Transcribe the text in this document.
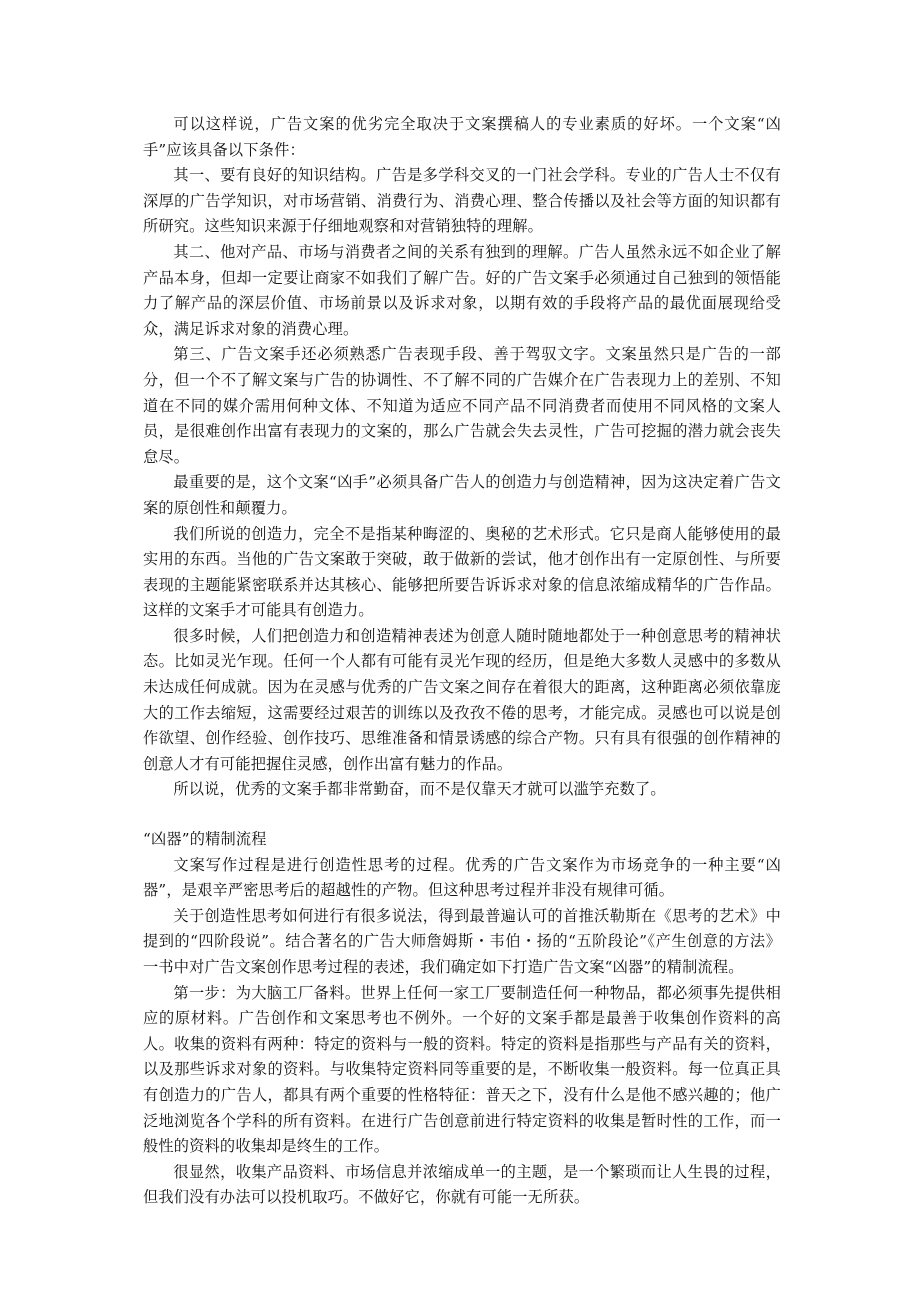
可以这样说，广告文案的优劣完全取决于文案撰稿人的专业素质的好坏。一个文案“凶手”应该具备以下条件：

其一、要有良好的知识结构。广告是多学科交叉的一门社会学科。专业的广告人士不仅有深厚的广告学知识，对市场营销、消费行为、消费心理、整合传播以及社会等方面的知识都有所研究。这些知识来源于仔细地观察和对营销独特的理解。

其二、他对产品、市场与消费者之间的关系有独到的理解。广告人虽然永远不如企业了解产品本身，但却一定要让商家不如我们了解广告。好的广告文案手必须通过自己独到的领悟能力了解产品的深层价值、市场前景以及诉求对象，以期有效的手段将产品的最优面展现给受众，满足诉求对象的消费心理。

第三、广告文案手还必须熟悉广告表现手段、善于驾驭文字。文案虽然只是广告的一部分，但一个不了解文案与广告的协调性、不了解不同的广告媒介在广告表现力上的差别、不知道在不同的媒介需用何种文体、不知道为适应不同产品不同消费者而使用不同风格的文案人员，是很难创作出富有表现力的文案的，那么广告就会失去灵性，广告可挖掘的潜力就会丧失怠尽。

最重要的是，这个文案“凶手”必须具备广告人的创造力与创造精神，因为这决定着广告文案的原创性和颠覆力。

我们所说的创造力，完全不是指某种晦涩的、奥秘的艺术形式。它只是商人能够使用的最实用的东西。当他的广告文案敢于突破，敢于做新的尝试，他才创作出有一定原创性、与所要表现的主题能紧密联系并达其核心、能够把所要告诉诉求对象的信息浓缩成精华的广告作品。这样的文案手才可能具有创造力。

很多时候，人们把创造力和创造精神表述为创意人随时随地都处于一种创意思考的精神状态。比如灵光乍现。任何一个人都有可能有灵光乍现的经历，但是绝大多数人灵感中的多数从未达成任何成就。因为在灵感与优秀的广告文案之间存在着很大的距离，这种距离必须依靠庞大的工作去缩短，这需要经过艰苦的训练以及孜孜不倦的思考，才能完成。灵感也可以说是创作欲望、创作经验、创作技巧、思维准备和情景诱感的综合产物。只有具有很强的创作精神的创意人才有可能把握住灵感，创作出富有魅力的作品。

所以说，优秀的文案手都非常勤奋，而不是仅靠天才就可以滥竽充数了。

“凶器”的精制流程

文案写作过程是进行创造性思考的过程。优秀的广告文案作为市场竞争的一种主要“凶器”，是艰辛严密思考后的超越性的产物。但这种思考过程并非没有规律可循。

关于创造性思考如何进行有很多说法，得到最普遍认可的首推沃勒斯在《思考的艺术》中提到的“四阶段说”。结合著名的广告大师詹姆斯・韦伯・扬的“五阶段论”《产生创意的方法》一书中对广告文案创作思考过程的表述，我们确定如下打造广告文案“凶器”的精制流程。

第一步：为大脑工厂备料。世界上任何一家工厂要制造任何一种物品，都必须事先提供相应的原材料。广告创作和文案思考也不例外。一个好的文案手都是最善于收集创作资料的高人。收集的资料有两种：特定的资料与一般的资料。特定的资料是指那些与产品有关的资料，以及那些诉求对象的资料。与收集特定资料同等重要的是，不断收集一般资料。每一位真正具有创造力的广告人，都具有两个重要的性格特征：普天之下，没有什么是他不感兴趣的；他广泛地浏览各个学科的所有资料。在进行广告创意前进行特定资料的收集是暂时性的工作，而一般性的资料的收集却是终生的工作。

很显然，收集产品资料、市场信息并浓缩成单一的主题，是一个繁琐而让人生畏的过程，但我们没有办法可以投机取巧。不做好它，你就有可能一无所获。
